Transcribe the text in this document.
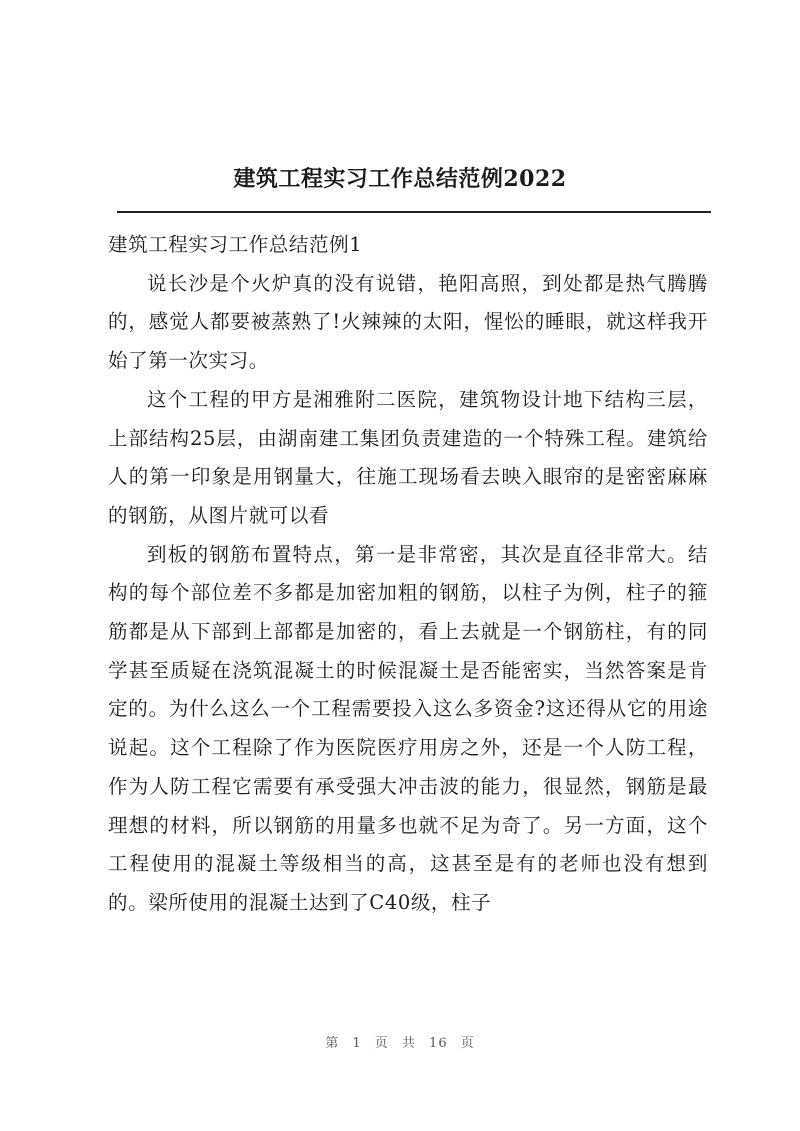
建筑工程实习工作总结范例2022

建筑工程实习工作总结范例1

说长沙是个火炉真的没有说错，艳阳高照，到处都是热气腾腾的，感觉人都要被蒸熟了!火辣辣的太阳，惺忪的睡眼，就这样我开始了第一次实习。

这个工程的甲方是湘雅附二医院，建筑物设计地下结构三层，上部结构25层，由湖南建工集团负责建造的一个特殊工程。建筑给人的第一印象是用钢量大，往施工现场看去映入眼帘的是密密麻麻的钢筋，从图片就可以看

到板的钢筋布置特点，第一是非常密，其次是直径非常大。结构的每个部位差不多都是加密加粗的钢筋，以柱子为例，柱子的箍筋都是从下部到上部都是加密的，看上去就是一个钢筋柱，有的同学甚至质疑在浇筑混凝土的时候混凝土是否能密实，当然答案是肯定的。为什么这么一个工程需要投入这么多资金?这还得从它的用途说起。这个工程除了作为医院医疗用房之外，还是一个人防工程，作为人防工程它需要有承受强大冲击波的能力，很显然，钢筋是最理想的材料，所以钢筋的用量多也就不足为奇了。另一方面，这个工程使用的混凝土等级相当的高，这甚至是有的老师也没有想到的。梁所使用的混凝土达到了C40级，柱子

第 1 页 共 16 页
